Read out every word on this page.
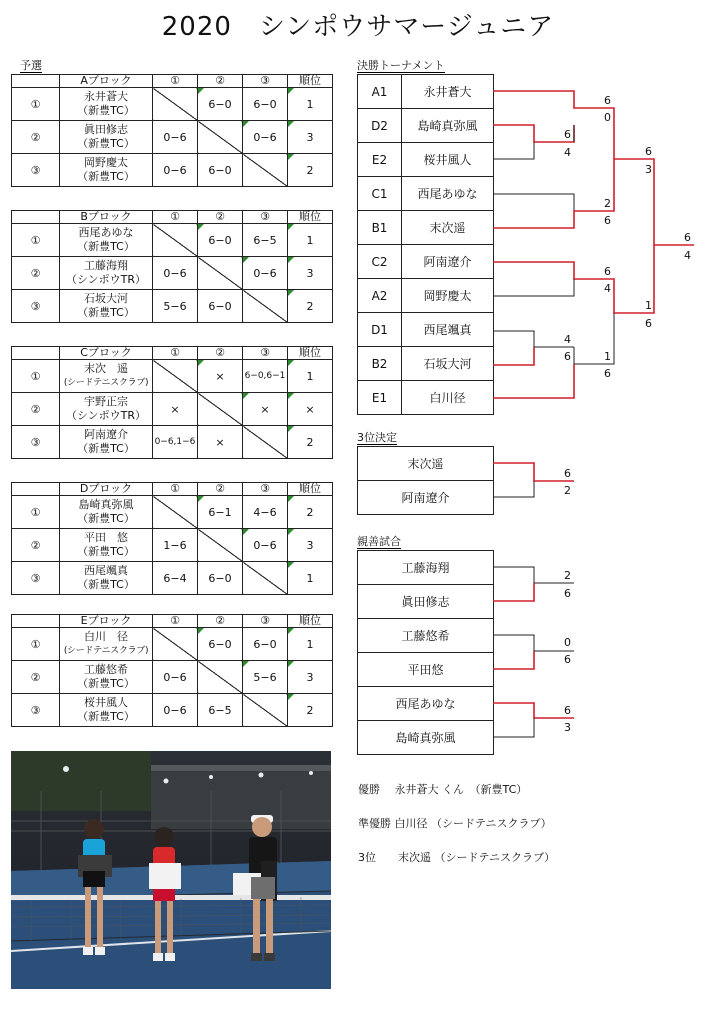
2020　シンポウサマージュニア
予選
	Aブロック	①	②	③	順位
①	永井蒼大
（新豊TC）		6−0	6−0	1
②	眞田修志
（新豊TC）	0−6		0−6	3
③	岡野慶太
（新豊TC）	0−6	6−0		2
	Bブロック	①	②	③	順位
①	西尾あゆな
（新豊TC）		6−0	6−5	1
②	工藤海翔
（シンポウTR）	0−6		0−6	3
③	石坂大河
（新豊TC）	5−6	6−0		2
	Cブロック	①	②	③	順位
①	末次　遥
(シードテニスクラブ)		×	6−0,6−1	1
②	宇野正宗
（シンポウTR）	×		×	×
③	阿南遼介
（新豊TC）	0−6,1−6	×		2
	Dブロック	①	②	③	順位
①	島崎真弥風
（新豊TC）		6−1	4−6	2
②	平田　悠
（新豊TC）	1−6		0−6	3
③	西尾颯真
（新豊TC）	6−4	6−0		1
	Eブロック	①	②	③	順位
①	白川　径
(シードテニスクラブ)		6−0	6−0	1
②	工藤悠希
（新豊TC）	0−6		5−6	3
③	桜井風人
（新豊TC）	0−6	6−5		2
決勝トーナメント
A1	永井蒼大
D2	島崎真弥風
E2	桜井風人
C1	西尾あゆな
B1	末次遥
C2	阿南遼介
A2	岡野慶太
D1	西尾颯真
B2	石坂大河
E1	白川径
3位決定
末次遥
阿南遼介
親善試合
工藤海翔
眞田修志
工藤悠希
平田悠
西尾あゆな
島崎真弥風
6
4
6
0
2
6
6
3
6
4
6
4
1
6
4
6	1
6
6
2
2
6
0
6
6
3
優勝　 永井蒼大 くん　（新豊TC）
準優勝 白川径 （シードテニスクラブ）
3位　　末次遥 （シードテニスクラブ）
